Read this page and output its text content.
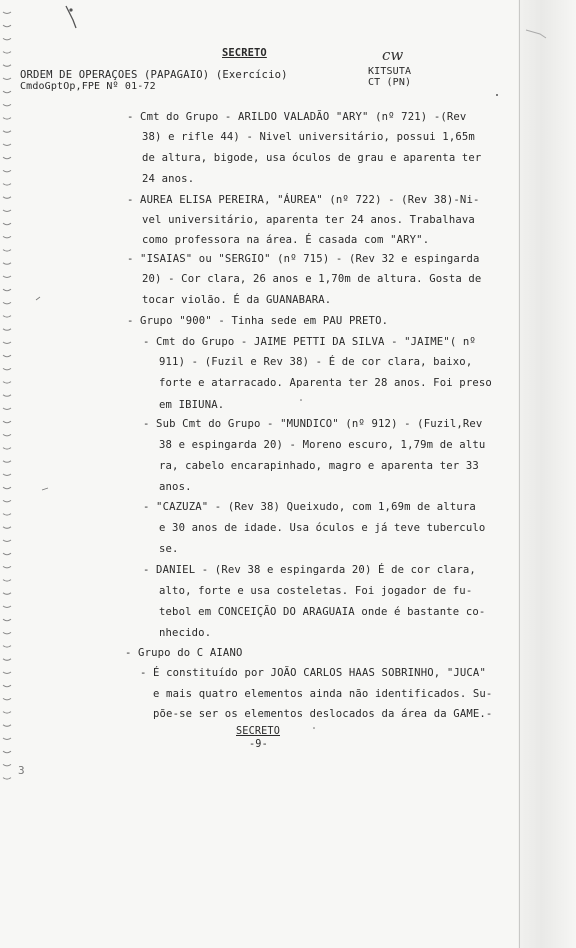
SECRETO	cw
ORDEM DE OPERAÇOES (PAPAGAIO) (Exercício)
CmdoGptOp,FPE Nº 01-72
KITSUTA
CT (PN)
- Cmt do Grupo - ARILDO VALADÃO "ARY" (nº 721) -(Rev
38) e rifle 44) - Nivel universitário, possui 1,65m
de altura, bigode, usa óculos de grau e aparenta ter
24 anos.
- AUREA ELISA PEREIRA, "ÁUREA" (nº 722) - (Rev 38)-Ni-
vel universitário, aparenta ter 24 anos. Trabalhava
como professora na área. É casada com "ARY".
- "ISAIAS" ou "SERGIO" (nº 715) - (Rev 32 e espingarda
20) - Cor clara, 26 anos e 1,70m de altura. Gosta de
tocar violão. É da GUANABARA.
- Grupo "900" - Tinha sede em PAU PRETO.
- Cmt do Grupo - JAIME PETTI DA SILVA - "JAIME"( nº
911) - (Fuzil e Rev 38) - É de cor clara, baixo,
forte e atarracado. Aparenta ter 28 anos. Foi preso
em IBIUNA.
- Sub Cmt do Grupo - "MUNDICO" (nº 912) - (Fuzil,Rev
38 e espingarda 20) - Moreno escuro, 1,79m de altu
ra, cabelo encarapinhado, magro e aparenta ter 33
anos.
- "CAZUZA" - (Rev 38) Queixudo, com 1,69m de altura
e 30 anos de idade. Usa óculos e já teve tuberculo
se.
- DANIEL - (Rev 38 e espingarda 20) É de cor clara,
alto, forte e usa costeletas. Foi jogador de fu-
tebol em CONCEIÇÃO DO ARAGUAIA onde é bastante co-
nhecido.
- Grupo do C AIANO
- É constituído por JOÃO CARLOS HAAS SOBRINHO, "JUCA"
e mais quatro elementos ainda não identificados. Su-
põe-se ser os elementos deslocados da área da GAME.-
SECRETO
-9-
3
